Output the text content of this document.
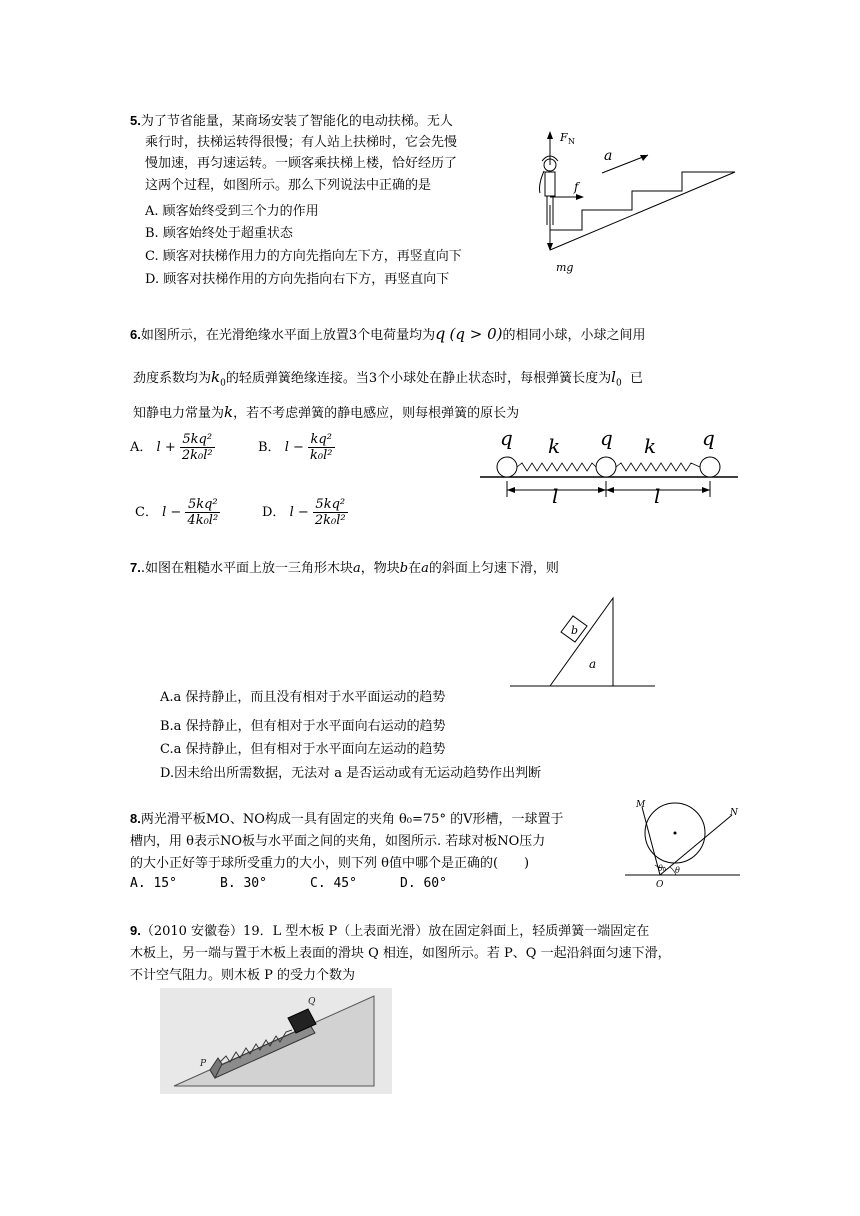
5.为了节省能量，某商场安装了智能化的电动扶梯。无人
乘行时，扶梯运转得很慢；有人站上扶梯时，它会先慢
慢加速，再匀速运转。一顾客乘扶梯上楼，恰好经历了
这两个过程，如图所示。那么下列说法中正确的是
A. 顾客始终受到三个力的作用
B. 顾客始终处于超重状态
C. 顾客对扶梯作用力的方向先指向左下方，再竖直向下
D. 顾客对扶梯作用的方向先指向右下方，再竖直向下
a
F N
f
mg
6.如图所示，在光滑绝缘水平面上放置3个电荷量均为q (q > 0)的相同小球，小球之间用
劲度系数均为$k_0$的轻质弹簧绝缘连接。当3个小球处在静止状态时，每根弹簧长度为$l_0$ 已
知静电力常量为k，若不考虑弹簧的静电感应，则每根弹簧的原长为
A． $l + \frac{\text{5kq²}}{\text{2k₀l²}}$	B． $l - \frac{\text{kq²}}{\text{k₀l²}}$
C． $l - \frac{\text{5kq²}}{\text{4k₀l²}}$	D． $l - \frac{\text{5kq²}}{\text{2k₀l²}}$
q	q	q
k	k
l	l
7..如图在粗糙水平面上放一三角形木块a，物块b在a的斜面上匀速下滑，则
b
a
A.a 保持静止，而且没有相对于水平面运动的趋势
B.a 保持静止，但有相对于水平面向右运动的趋势
C.a 保持静止，但有相对于水平面向左运动的趋势
D.因未给出所需数据，无法对 a 是否运动或有无运动趋势作出判断
8.两光滑平板MO、NO构成一具有固定的夹角 θ₀=75° 的V形槽，一球置于
槽内，用 θ表示NO板与水平面之间的夹角，如图所示. 若球对板NO压力
的大小正好等于球所受重力的大小，则下列 θ值中哪个是正确的(　　)
A. 15°	B. 30°	C. 45°	D. 60°
M
N
O
θ₀ θ
9.（2010 安徽卷）19．L 型木板 P（上表面光滑）放在固定斜面上，轻质弹簧一端固定在
木板上，另一端与置于木板上表面的滑块 Q 相连，如图所示。若 P、Q 一起沿斜面匀速下滑，
不计空气阻力。则木板 P 的受力个数为
Q
P
